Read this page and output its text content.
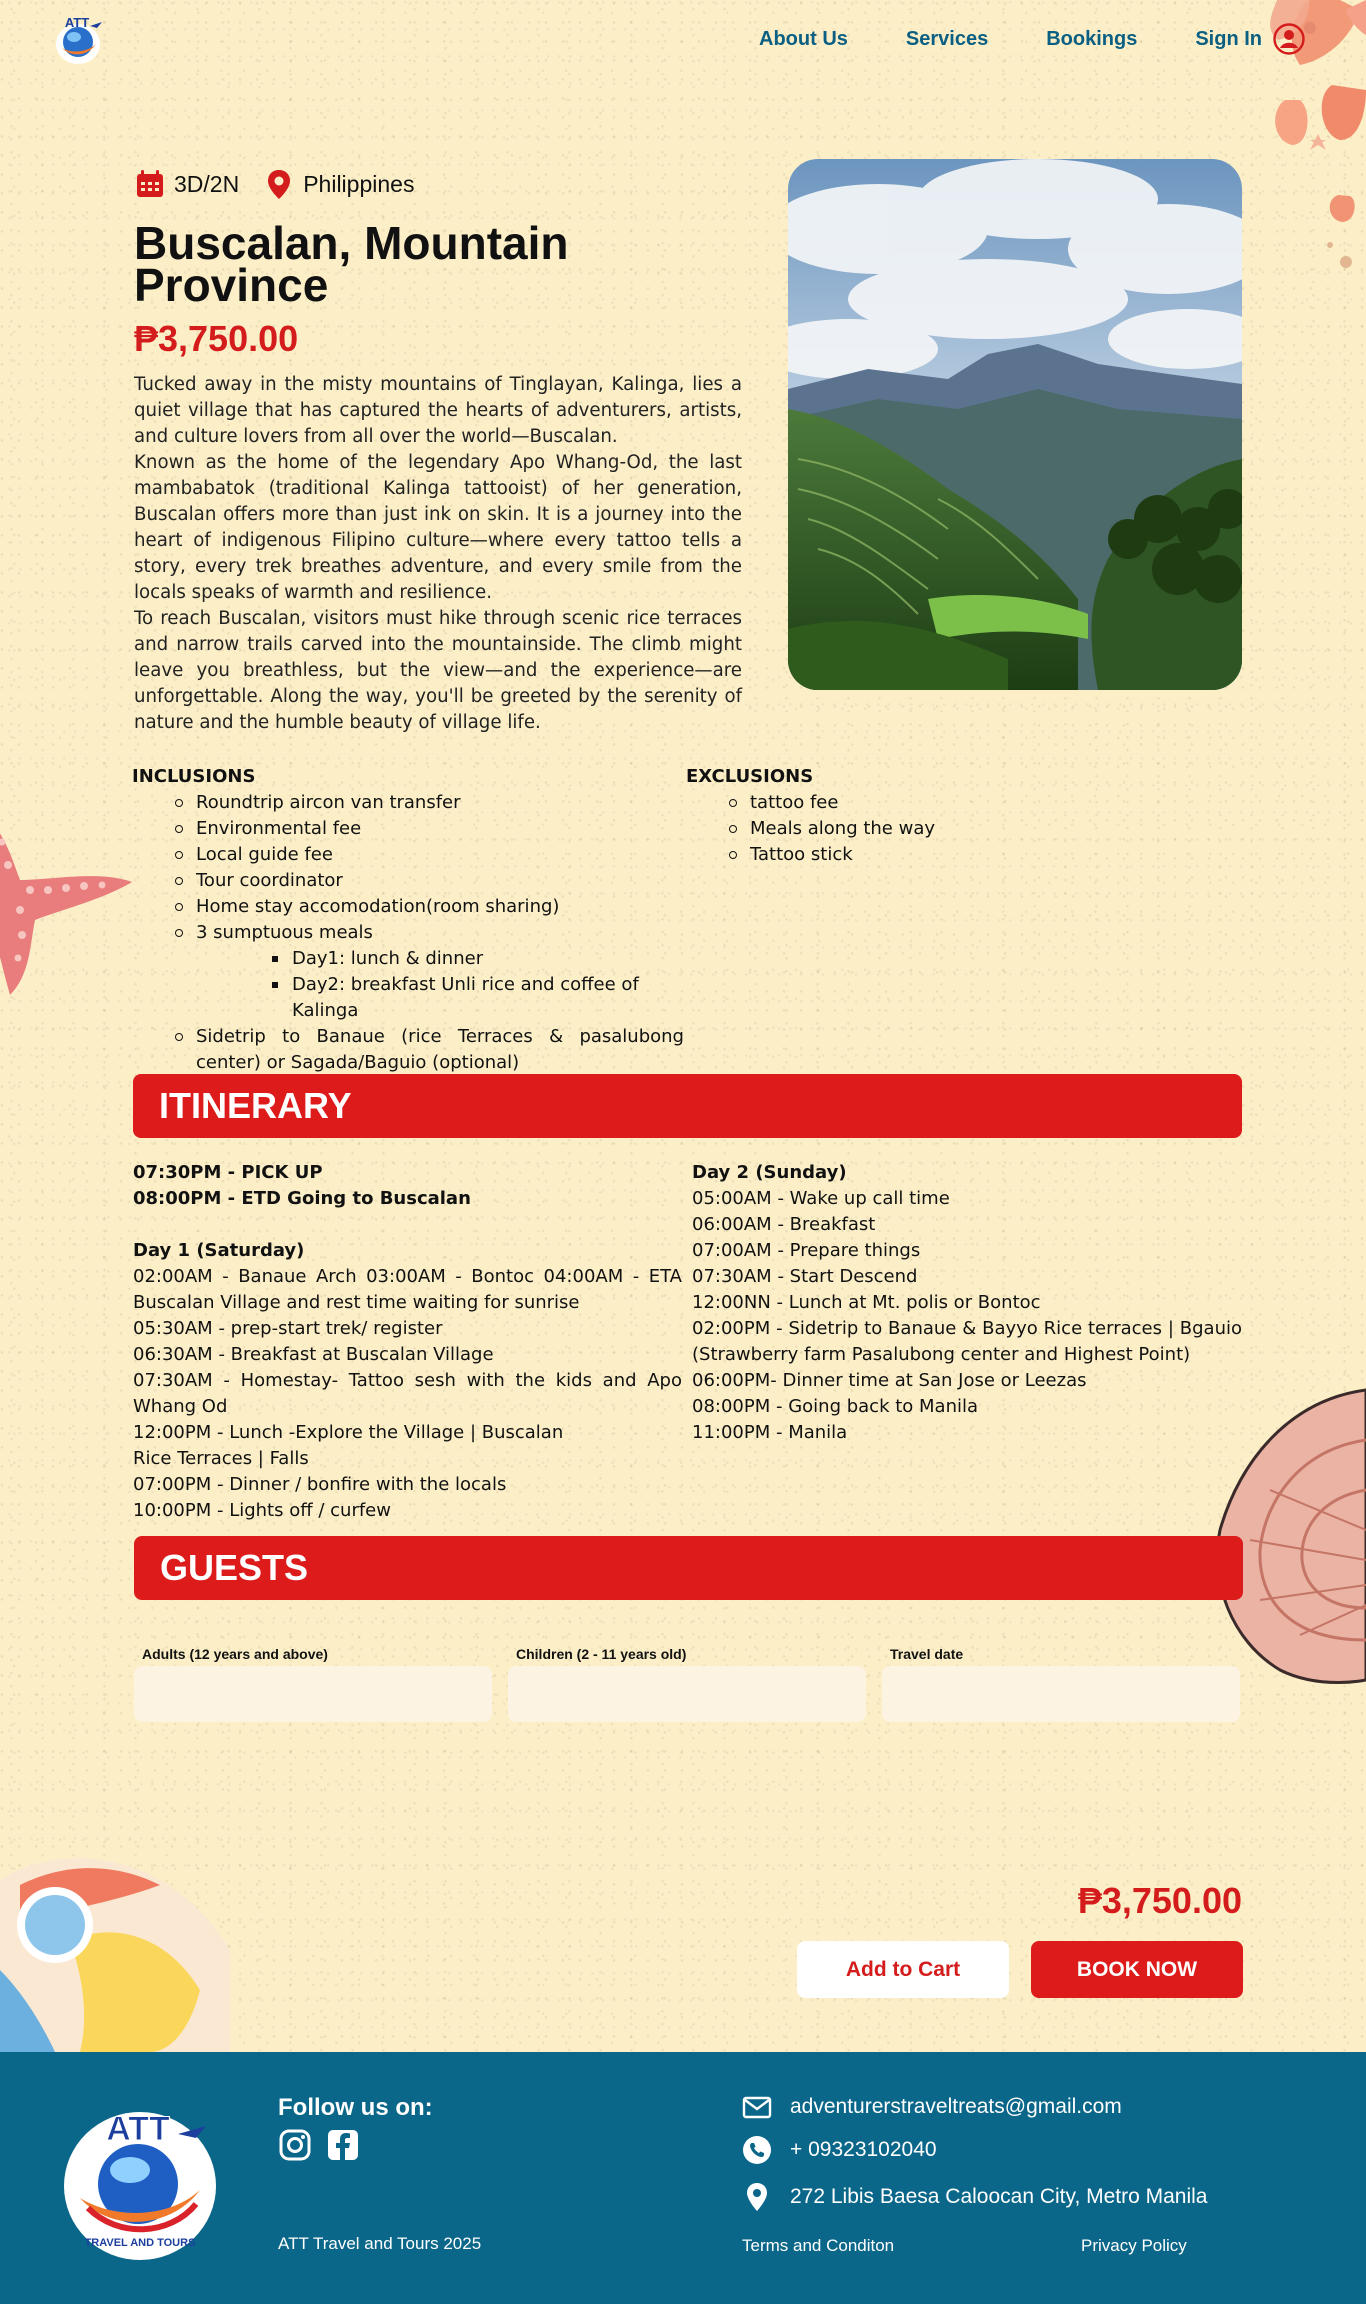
ATT
About Us	Services	Bookings	Sign In
3D/2N	Philippines
Buscalan, Mountain Province
₱3,750.00

Tucked away in the misty mountains of Tinglayan, Kalinga, lies a quiet village that has captured the hearts of adventurers, artists, and culture lovers from all over the world—Buscalan.

Known as the home of the legendary Apo Whang-Od, the last mambabatok (traditional Kalinga tattooist) of her generation, Buscalan offers more than just ink on skin. It is a journey into the heart of indigenous Filipino culture—where every tattoo tells a story, every trek breathes adventure, and every smile from the locals speaks of warmth and resilience.

To reach Buscalan, visitors must hike through scenic rice terraces and narrow trails carved into the mountainside. The climb might leave you breathless, but the view—and the experience—are unforgettable. Along the way, you'll be greeted by the serenity of nature and the humble beauty of village life.

INCLUSIONS
Roundtrip aircon van transfer
Environmental fee
Local guide fee
Tour coordinator
Home stay accomodation(room sharing)
3 sumptuous meals
Day1: lunch & dinner
Day2: breakfast Unli rice and coffee of Kalinga
Sidetrip to Banaue (rice Terraces & pasalubong center) or Sagada/Baguio (optional)
EXCLUSIONS
tattoo fee
Meals along the way
Tattoo stick
ITINERARY
07:30PM - PICK UP
08:00PM - ETD Going to Buscalan
Day 1 (Saturday)
02:00AM - Banaue Arch 03:00AM - Bontoc 04:00AM - ETA Buscalan Village and rest time waiting for sunrise
05:30AM - prep-start trek/ register
06:30AM - Breakfast at Buscalan Village
07:30AM - Homestay- Tattoo sesh with the kids and Apo Whang Od
12:00PM - Lunch -Explore the Village | Buscalan
Rice Terraces | Falls
07:00PM - Dinner / bonfire with the locals
10:00PM - Lights off / curfew
Day 2 (Sunday)
05:00AM - Wake up call time
06:00AM - Breakfast
07:00AM - Prepare things
07:30AM - Start Descend
12:00NN - Lunch at Mt. polis or Bontoc
02:00PM - Sidetrip to Banaue & Bayyo Rice terraces | Bgauio (Strawberry farm Pasalubong center and Highest Point)
06:00PM- Dinner time at San Jose or Leezas
08:00PM - Going back to Manila
11:00PM - Manila
GUESTS
Adults (12 years and above)	Children (2 - 11 years old)	Travel date
₱3,750.00
Add to Cart	BOOK NOW
ATT
TRAVEL AND TOURS
Follow us on:
ATT Travel and Tours 2025
adventurerstraveltreats@gmail.com
+ 09323102040
272 Libis Baesa Caloocan City, Metro Manila
Terms and Conditon	Privacy Policy
